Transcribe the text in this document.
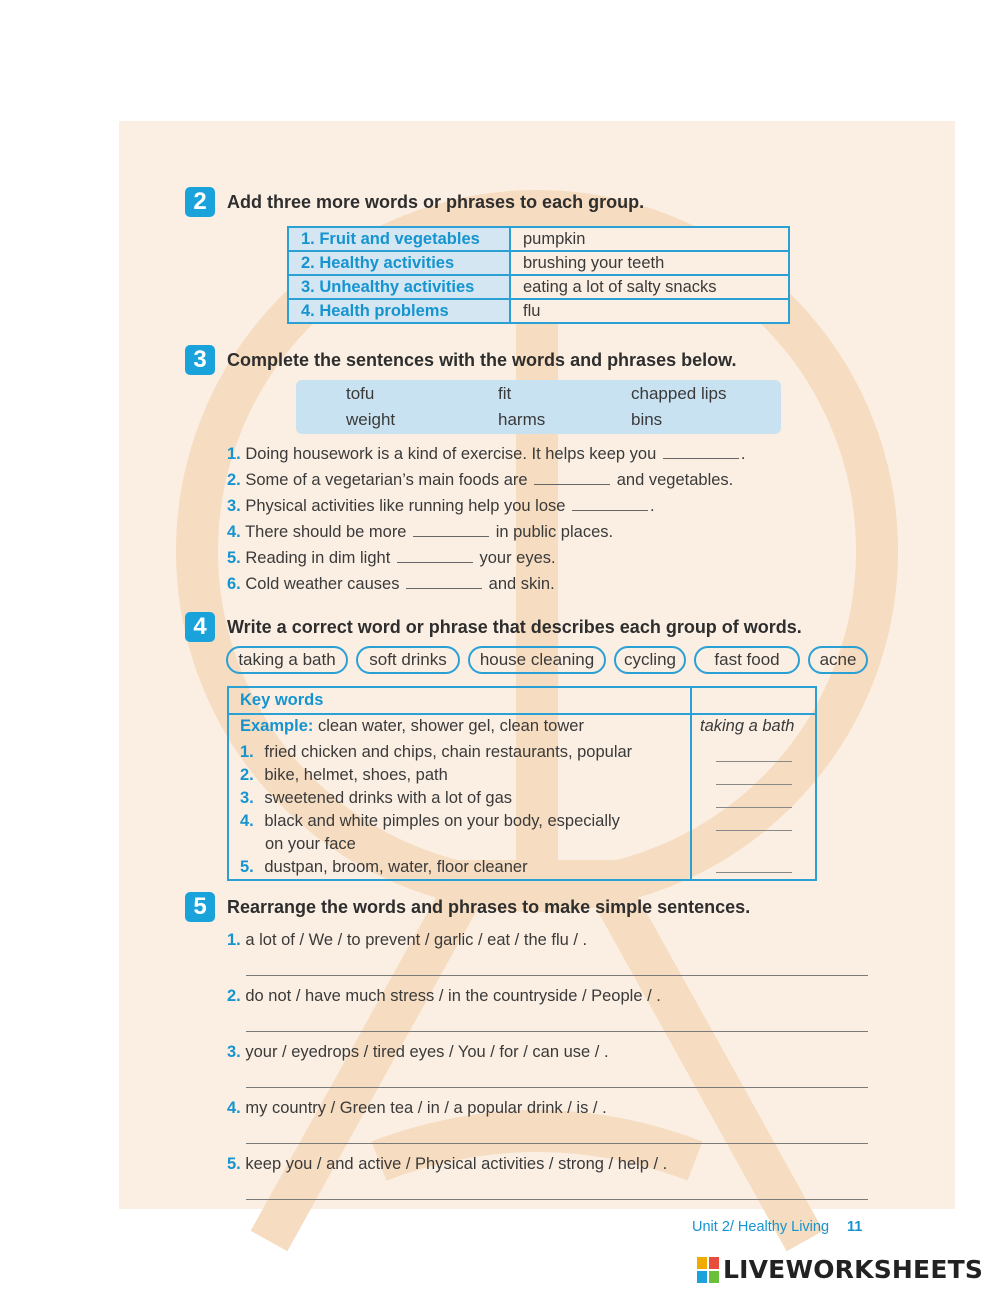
2	Add three more words or phrases to each group.
1. Fruit and vegetables	pumpkin
2. Healthy activities	brushing your teeth
3. Unhealthy activities	eating a lot of salty snacks
4. Health problems	flu
3	Complete the sentences with the words and phrases below.
tofu	fit	chapped lips
weight	harms	bins
1. Doing housework is a kind of exercise. It helps keep you	.
2. Some of a vegetarian’s main foods are	and vegetables.
3. Physical activities like running help you lose	.
4. There should be more	in public places.
5. Reading in dim light	your eyes.
6. Cold weather causes	and skin.
4	Write a correct word or phrase that describes each group of words.
taking a bath	soft drinks	house cleaning	cycling	fast food	acne
Key words
Example: clean water, shower gel, clean tower	taking a bath
1. fried chicken and chips, chain restaurants, popular
2. bike, helmet, shoes, path
3. sweetened drinks with a lot of gas
4. black and white pimples on your body, especially
on your face
5. dustpan, broom, water, floor cleaner
5	Rearrange the words and phrases to make simple sentences.
1. a lot of / We / to prevent / garlic / eat / the flu / .
2. do not / have much stress / in the countryside / People / .
3. your / eyedrops / tired eyes / You / for / can use / .
4. my country / Green tea / in / a popular drink / is / .
5. keep you / and active / Physical activities / strong / help / .
Unit 2/ Healthy Living 11
LIVEWORKSHEETS
